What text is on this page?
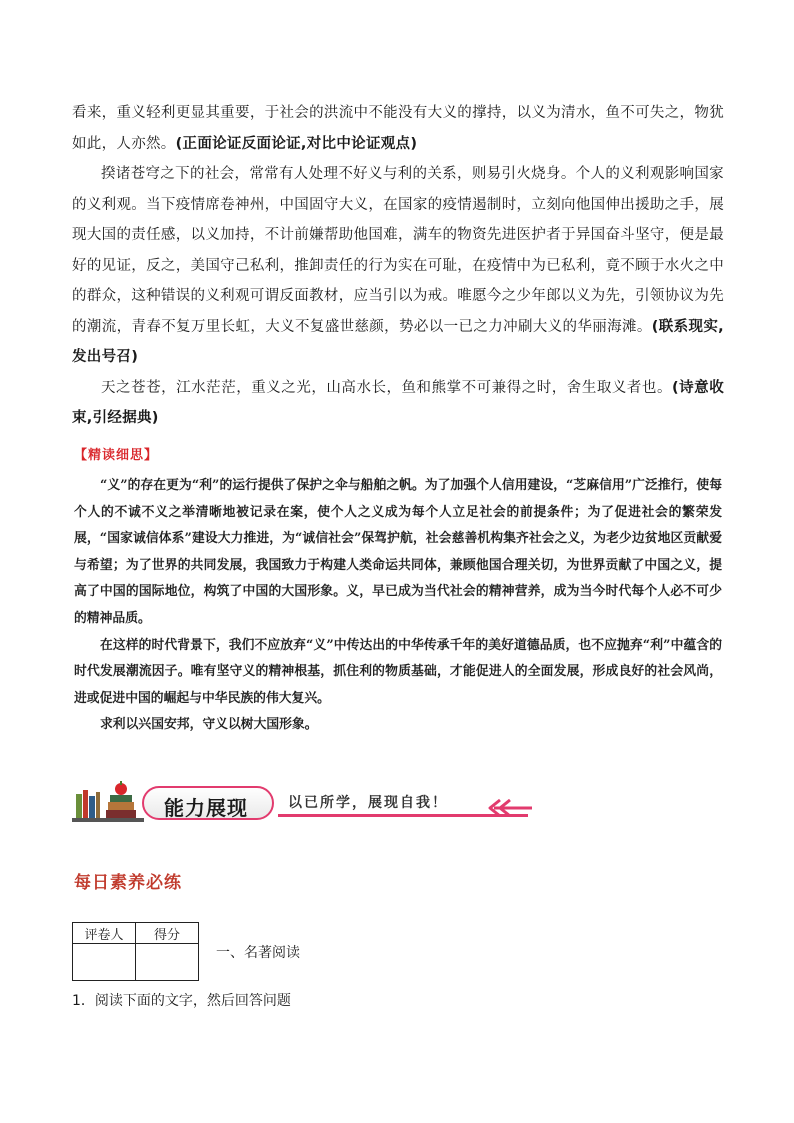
看来，重义轻利更显其重要，于社会的洪流中不能没有大义的撑持，以义为清水，鱼不可失之，物犹如此，人亦然。(正面论证反面论证,对比中论证观点)

揆诸苍穹之下的社会，常常有人处理不好义与利的关系，则易引火烧身。个人的义利观影响国家的义利观。当下疫情席卷神州，中国固守大义，在国家的疫情遏制时，立刻向他国伸出援助之手，展现大国的责任感，以义加持，不计前嫌帮助他国难，满车的物资先进医护者于异国奋斗坚守，便是最好的见证，反之，美国守己私利，推卸责任的行为实在可耻，在疫情中为已私利，竟不顾于水火之中的群众，这种错误的义利观可谓反面教材，应当引以为戒。唯愿今之少年郎以义为先，引领协议为先的潮流，青春不复万里长虹，大义不复盛世慈颜，势必以一已之力冲刷大义的华丽海滩。(联系现实,发出号召)

天之苍苍，江水茫茫，重义之光，山高水长，鱼和熊掌不可兼得之时，舍生取义者也。(诗意收束,引经据典)

【精读细思】

“义”的存在更为“利”的运行提供了保护之伞与船舶之帆。为了加强个人信用建设，“芝麻信用”广泛推行，使每个人的不诚不义之举清晰地被记录在案，使个人之义成为每个人立足社会的前提条件；为了促进社会的繁荣发展，“国家诚信体系”建设大力推进，为“诚信社会”保驾护航，社会慈善机构集齐社会之义，为老少边贫地区贡献爱与希望；为了世界的共同发展，我国致力于构建人类命运共同体，兼顾他国合理关切，为世界贡献了中国之义，提高了中国的国际地位，构筑了中国的大国形象。义，早已成为当代社会的精神营养，成为当今时代每个人必不可少的精神品质。

在这样的时代背景下，我们不应放弃“义”中传达出的中华传承千年的美好道德品质，也不应抛弃“利”中蕴含的时代发展潮流因子。唯有坚守义的精神根基，抓住利的物质基础，才能促进人的全面发展，形成良好的社会风尚，进或促进中国的崛起与中华民族的伟大复兴。

求利以兴国安邦，守义以树大国形象。

能力展现	以已所学，展现自我！
每日素养必练
评卷人	得分

一、名著阅读
1．阅读下面的文字，然后回答问题
